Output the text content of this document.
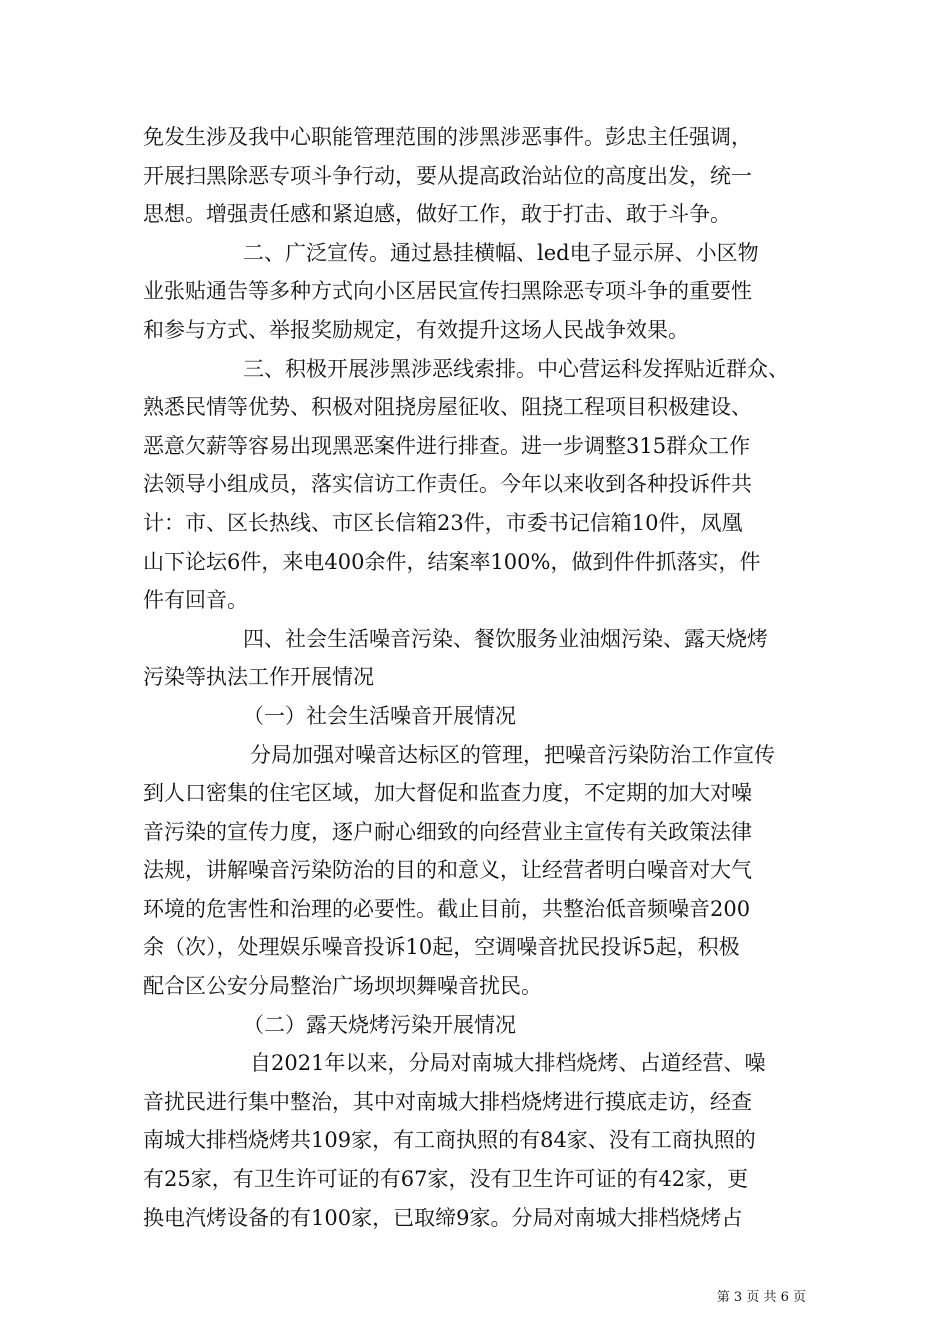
免发生涉及我中心职能管理范围的涉黑涉恶事件。彭忠主任强调，
开展扫黑除恶专项斗争行动，要从提高政治站位的高度出发，统一
思想。增强责任感和紧迫感，做好工作，敢于打击、敢于斗争。
二、广泛宣传。通过悬挂横幅、led电子显示屏、小区物
业张贴通告等多种方式向小区居民宣传扫黑除恶专项斗争的重要性
和参与方式、举报奖励规定，有效提升这场人民战争效果。
三、积极开展涉黑涉恶线索排。中心营运科发挥贴近群众、
熟悉民情等优势、积极对阻挠房屋征收、阻挠工程项目积极建设、
恶意欠薪等容易出现黑恶案件进行排查。进一步调整315群众工作
法领导小组成员，落实信访工作责任。今年以来收到各种投诉件共
计：市、区长热线、市区长信箱23件，市委书记信箱10件，凤凰
山下论坛6件，来电400余件，结案率100%，做到件件抓落实，件
件有回音。
四、社会生活噪音污染、餐饮服务业油烟污染、露天烧烤
污染等执法工作开展情况
（一）社会生活噪音开展情况
分局加强对噪音达标区的管理，把噪音污染防治工作宣传
到人口密集的住宅区域，加大督促和监查力度，不定期的加大对噪
音污染的宣传力度，逐户耐心细致的向经营业主宣传有关政策法律
法规，讲解噪音污染防治的目的和意义，让经营者明白噪音对大气
环境的危害性和治理的必要性。截止目前，共整治低音频噪音200
余（次），处理娱乐噪音投诉10起，空调噪音扰民投诉5起，积极
配合区公安分局整治广场坝坝舞噪音扰民。
（二）露天烧烤污染开展情况
自2021年以来，分局对南城大排档烧烤、占道经营、噪
音扰民进行集中整治，其中对南城大排档烧烤进行摸底走访，经查
南城大排档烧烤共109家，有工商执照的有84家、没有工商执照的
有25家，有卫生许可证的有67家，没有卫生许可证的有42家，更
换电汽烤设备的有100家，已取缔9家。分局对南城大排档烧烤占
第 3 页 共 6 页
